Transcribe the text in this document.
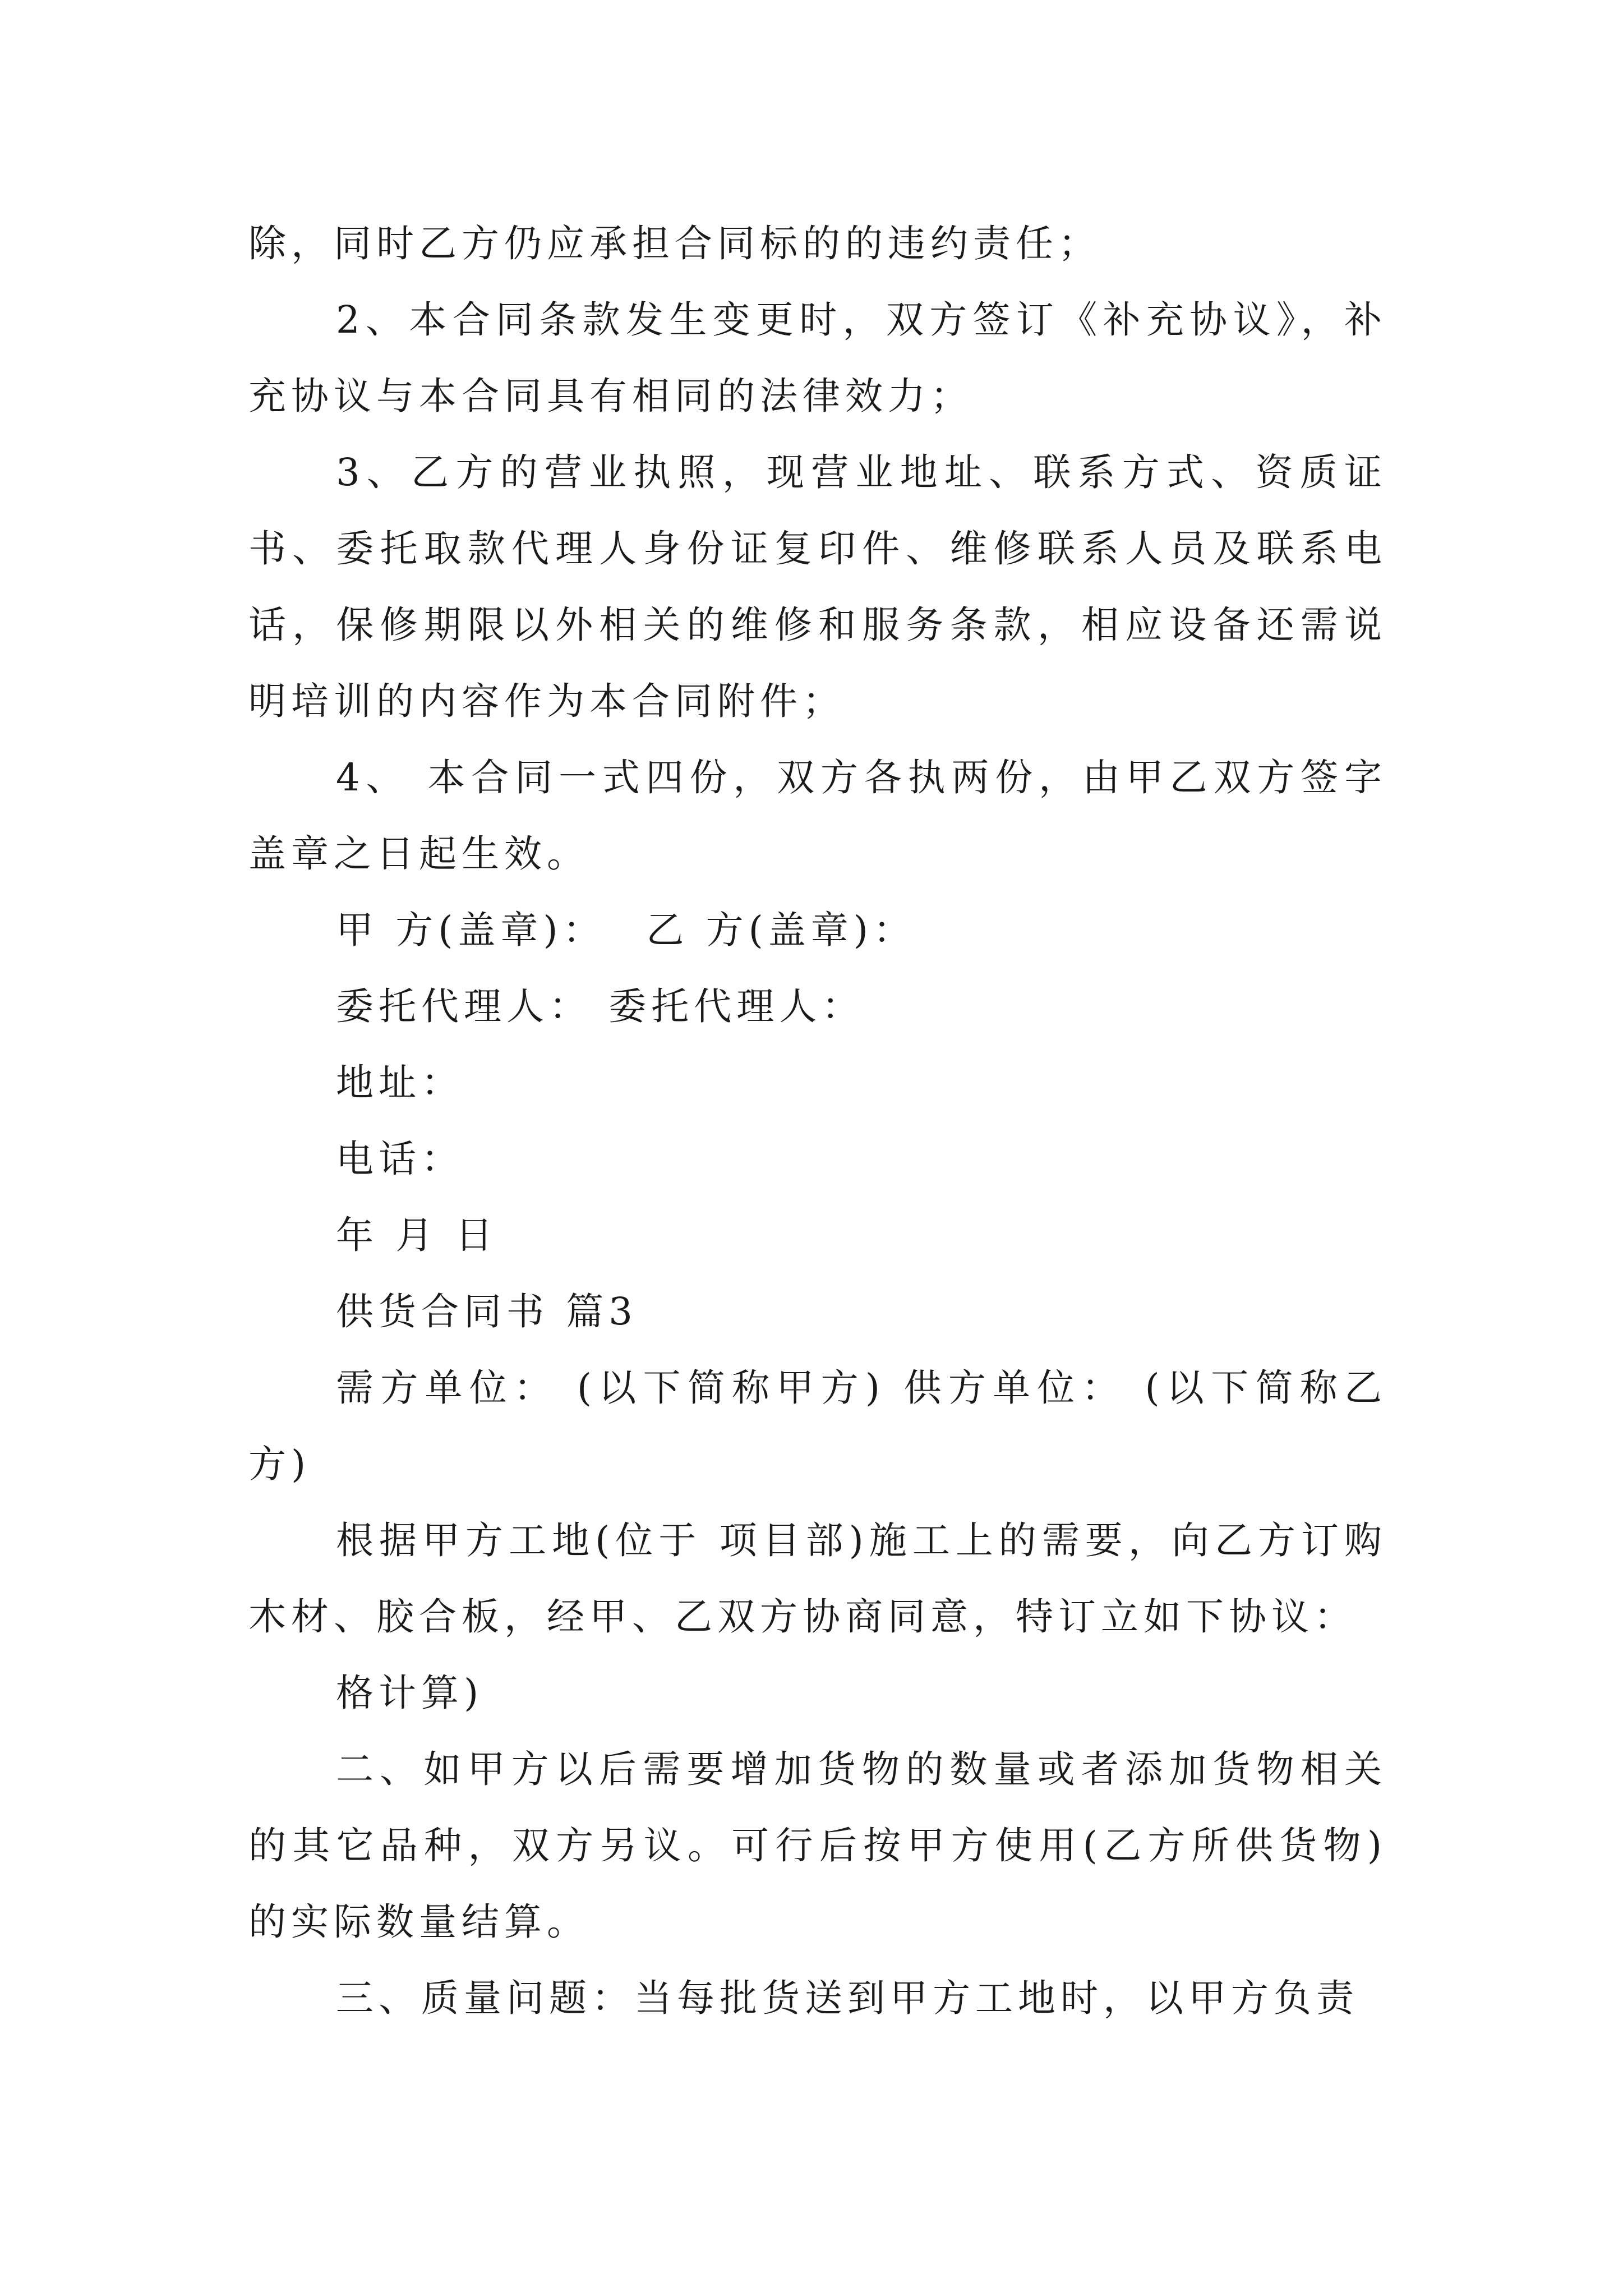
除，同时乙方仍应承担合同标的的违约责任；

2、本合同条款发生变更时，双方签订《补充协议》，补充协议与本合同具有相同的法律效力；

3、乙方的营业执照，现营业地址、联系方式、资质证书、委托取款代理人身份证复印件、维修联系人员及联系电话，保修期限以外相关的维修和服务条款，相应设备还需说明培训的内容作为本合同附件；

4、 本合同一式四份，双方各执两份，由甲乙双方签字盖章之日起生效。

甲 方(盖章)：　 乙 方(盖章)：

委托代理人： 委托代理人：

地址：

电话：

年 月 日

供货合同书 篇3

需方单位： (以下简称甲方) 供方单位： (以下简称乙方)

根据甲方工地(位于 项目部)施工上的需要，向乙方订购木材、胶合板，经甲、乙双方协商同意，特订立如下协议：

格计算)

二、如甲方以后需要增加货物的数量或者添加货物相关的其它品种，双方另议。可行后按甲方使用(乙方所供货物)的实际数量结算。

三、质量问题：当每批货送到甲方工地时，以甲方负责
